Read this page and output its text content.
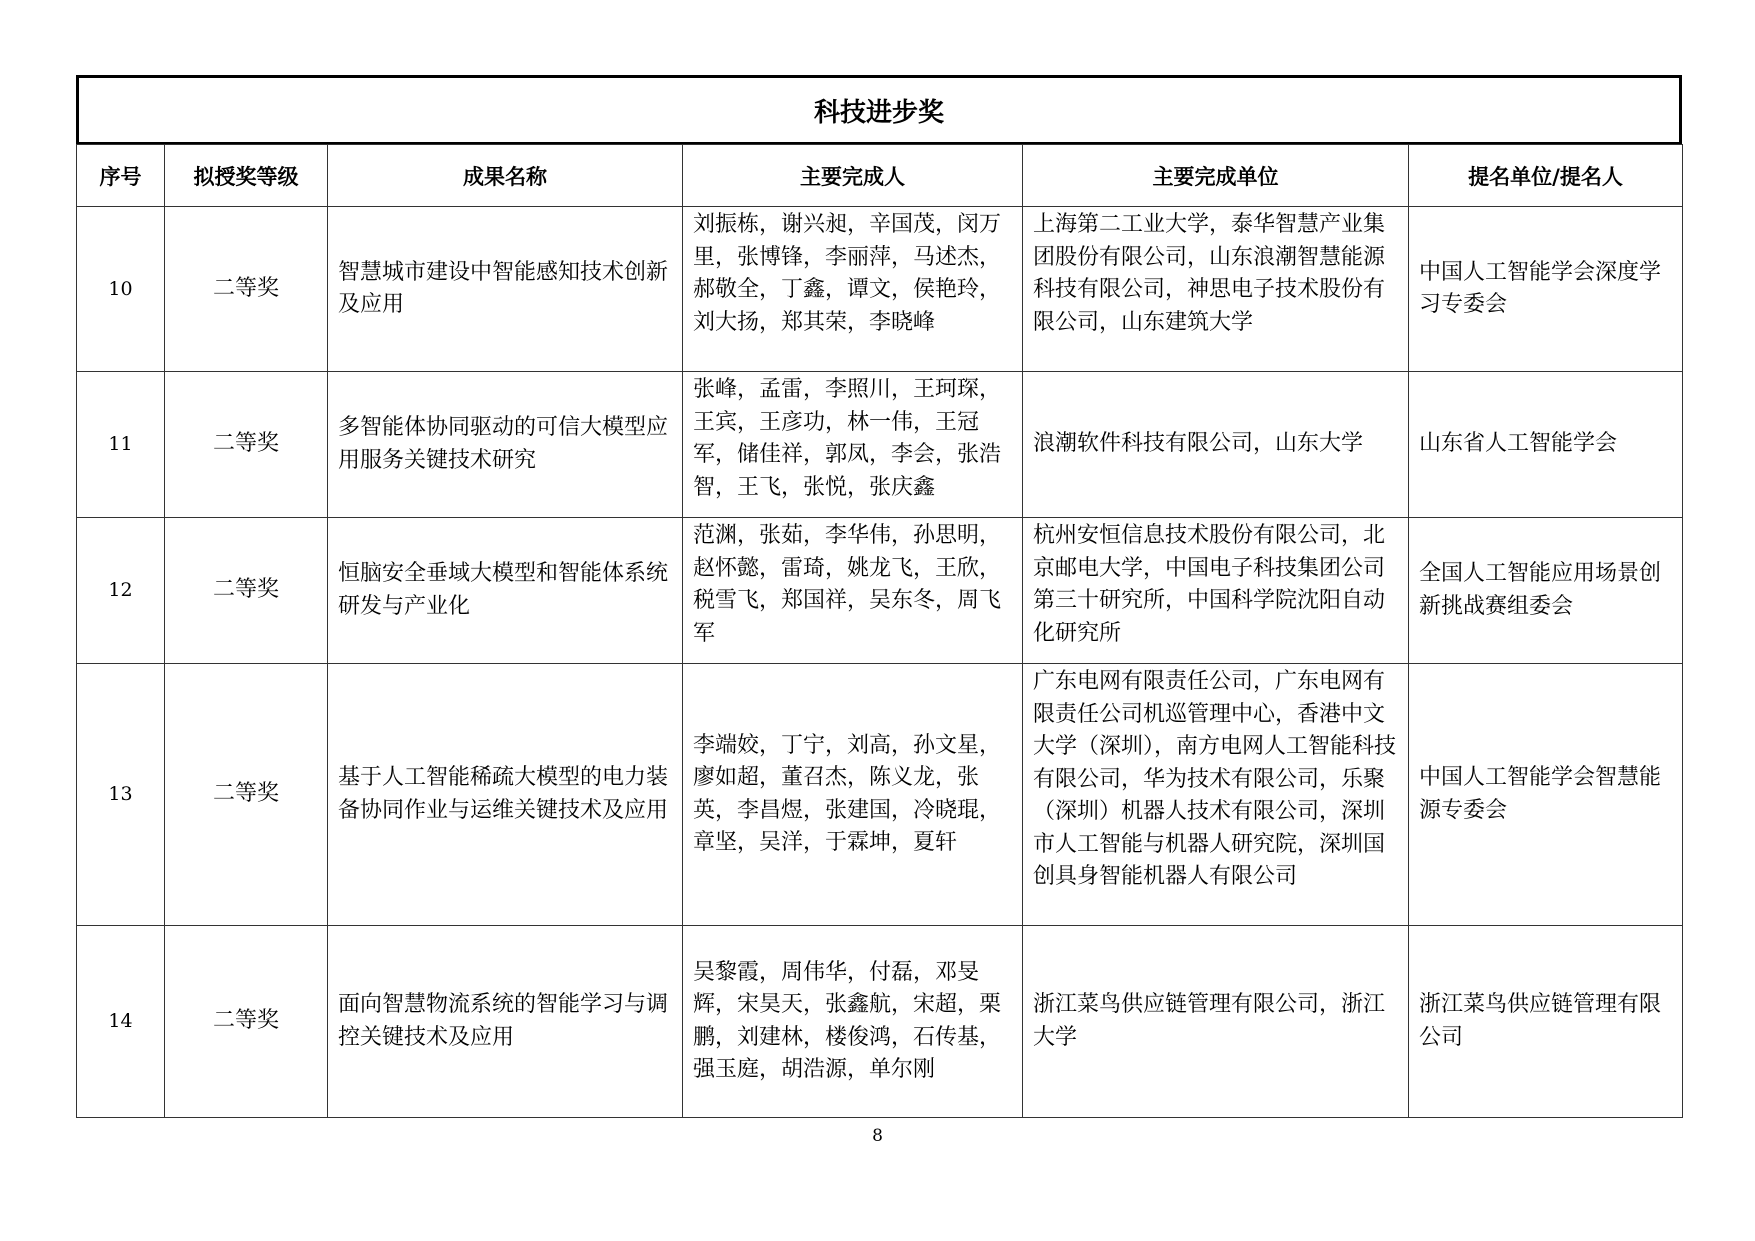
科技进步奖
序号	拟授奖等级	成果名称	主要完成人	主要完成单位	提名单位/提名人
10	二等奖	智慧城市建设中智能感知技术创新及应用	刘振栋，谢兴昶，辛国茂，闵万里，张博锋，李丽萍，马述杰，郝敬全，丁鑫，谭文，侯艳玲，刘大扬，郑其荣，李晓峰	上海第二工业大学，泰华智慧产业集团股份有限公司，山东浪潮智慧能源科技有限公司，神思电子技术股份有限公司，山东建筑大学	中国人工智能学会深度学习专委会
11	二等奖	多智能体协同驱动的可信大模型应用服务关键技术研究	张峰，孟雷，李照川，王珂琛，王宾，王彦功，林一伟，王冠军，储佳祥，郭凤，李会，张浩智，王飞，张悦，张庆鑫	浪潮软件科技有限公司，山东大学	山东省人工智能学会
12	二等奖	恒脑安全垂域大模型和智能体系统研发与产业化	范渊，张茹，李华伟，孙思明，赵怀懿，雷琦，姚龙飞，王欣，税雪飞，郑国祥，吴东冬，周飞军	杭州安恒信息技术股份有限公司，北京邮电大学，中国电子科技集团公司第三十研究所，中国科学院沈阳自动化研究所	全国人工智能应用场景创新挑战赛组委会
13	二等奖	基于人工智能稀疏大模型的电力装备协同作业与运维关键技术及应用	李端姣，丁宁，刘高，孙文星，廖如超，董召杰，陈义龙，张英，李昌煜，张建国，冷晓琨，章坚，吴洋，于霖坤，夏轩	广东电网有限责任公司，广东电网有限责任公司机巡管理中心，香港中文大学（深圳），南方电网人工智能科技有限公司，华为技术有限公司，乐聚（深圳）机器人技术有限公司，深圳市人工智能与机器人研究院，深圳国创具身智能机器人有限公司	中国人工智能学会智慧能源专委会
14	二等奖	面向智慧物流系统的智能学习与调控关键技术及应用	吴黎霞，周伟华，付磊，邓旻辉，宋昊天，张鑫航，宋超，栗鹏，刘建林，楼俊鸿，石传基，强玉庭，胡浩源，单尔刚	浙江菜鸟供应链管理有限公司，浙江大学	浙江菜鸟供应链管理有限公司
8
